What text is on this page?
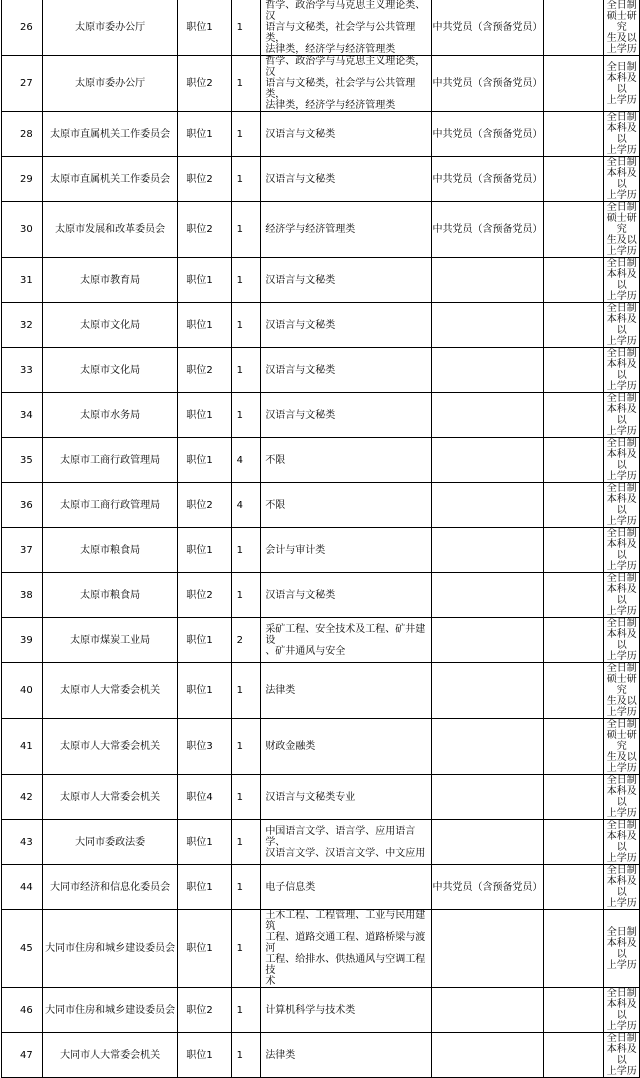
26	太原市委办公厅	职位1	1	哲学、政治学与马克思主义理论类、汉
语言与文秘类，社会学与公共管理类，
法律类，经济学与经济管理类	中共党员（含预备党员）		全日制硕士研究
生及以上学历
27	太原市委办公厅	职位2	1	哲学、政治学与马克思主义理论类，汉
语言与文秘类，社会学与公共管理类，
法律类，经济学与经济管理类	中共党员（含预备党员）		全日制本科及以
上学历
28	太原市直属机关工作委员会	职位1	1	汉语言与文秘类	中共党员（含预备党员）		全日制本科及以
上学历
29	太原市直属机关工作委员会	职位2	1	汉语言与文秘类	中共党员（含预备党员）		全日制本科及以
上学历
30	太原市发展和改革委员会	职位2	1	经济学与经济管理类	中共党员（含预备党员）		全日制硕士研究
生及以上学历
31	太原市教育局	职位1	1	汉语言与文秘类			全日制本科及以
上学历
32	太原市文化局	职位1	1	汉语言与文秘类			全日制本科及以
上学历
33	太原市文化局	职位2	1	汉语言与文秘类			全日制本科及以
上学历
34	太原市水务局	职位1	1	汉语言与文秘类			全日制本科及以
上学历
35	太原市工商行政管理局	职位1	4	不限			全日制本科及以
上学历
36	太原市工商行政管理局	职位2	4	不限			全日制本科及以
上学历
37	太原市粮食局	职位1	1	会计与审计类			全日制本科及以
上学历
38	太原市粮食局	职位2	1	汉语言与文秘类			全日制本科及以
上学历
39	太原市煤炭工业局	职位1	2	采矿工程、安全技术及工程、矿井建设
、矿井通风与安全			全日制本科及以
上学历
40	太原市人大常委会机关	职位1	1	法律类			全日制硕士研究
生及以上学历
41	太原市人大常委会机关	职位3	1	财政金融类			全日制硕士研究
生及以上学历
42	太原市人大常委会机关	职位4	1	汉语言与文秘类专业			全日制本科及以
上学历
43	大同市委政法委	职位1	1	中国语言文学、语言学、应用语言学、
汉语言文学、汉语言文学、中文应用			全日制本科及以
上学历
44	大同市经济和信息化委员会	职位1	1	电子信息类	中共党员（含预备党员）		全日制本科及以
上学历
45	大同市住房和城乡建设委员会	职位1	1	土木工程、工程管理、工业与民用建筑
工程、道路交通工程、道路桥梁与渡河
工程、给排水、供热通风与空调工程技
术			全日制本科及以
上学历
46	大同市住房和城乡建设委员会	职位2	1	计算机科学与技术类			全日制本科及以
上学历
47	大同市人大常委会机关	职位1	1	法律类			全日制本科及以
上学历
